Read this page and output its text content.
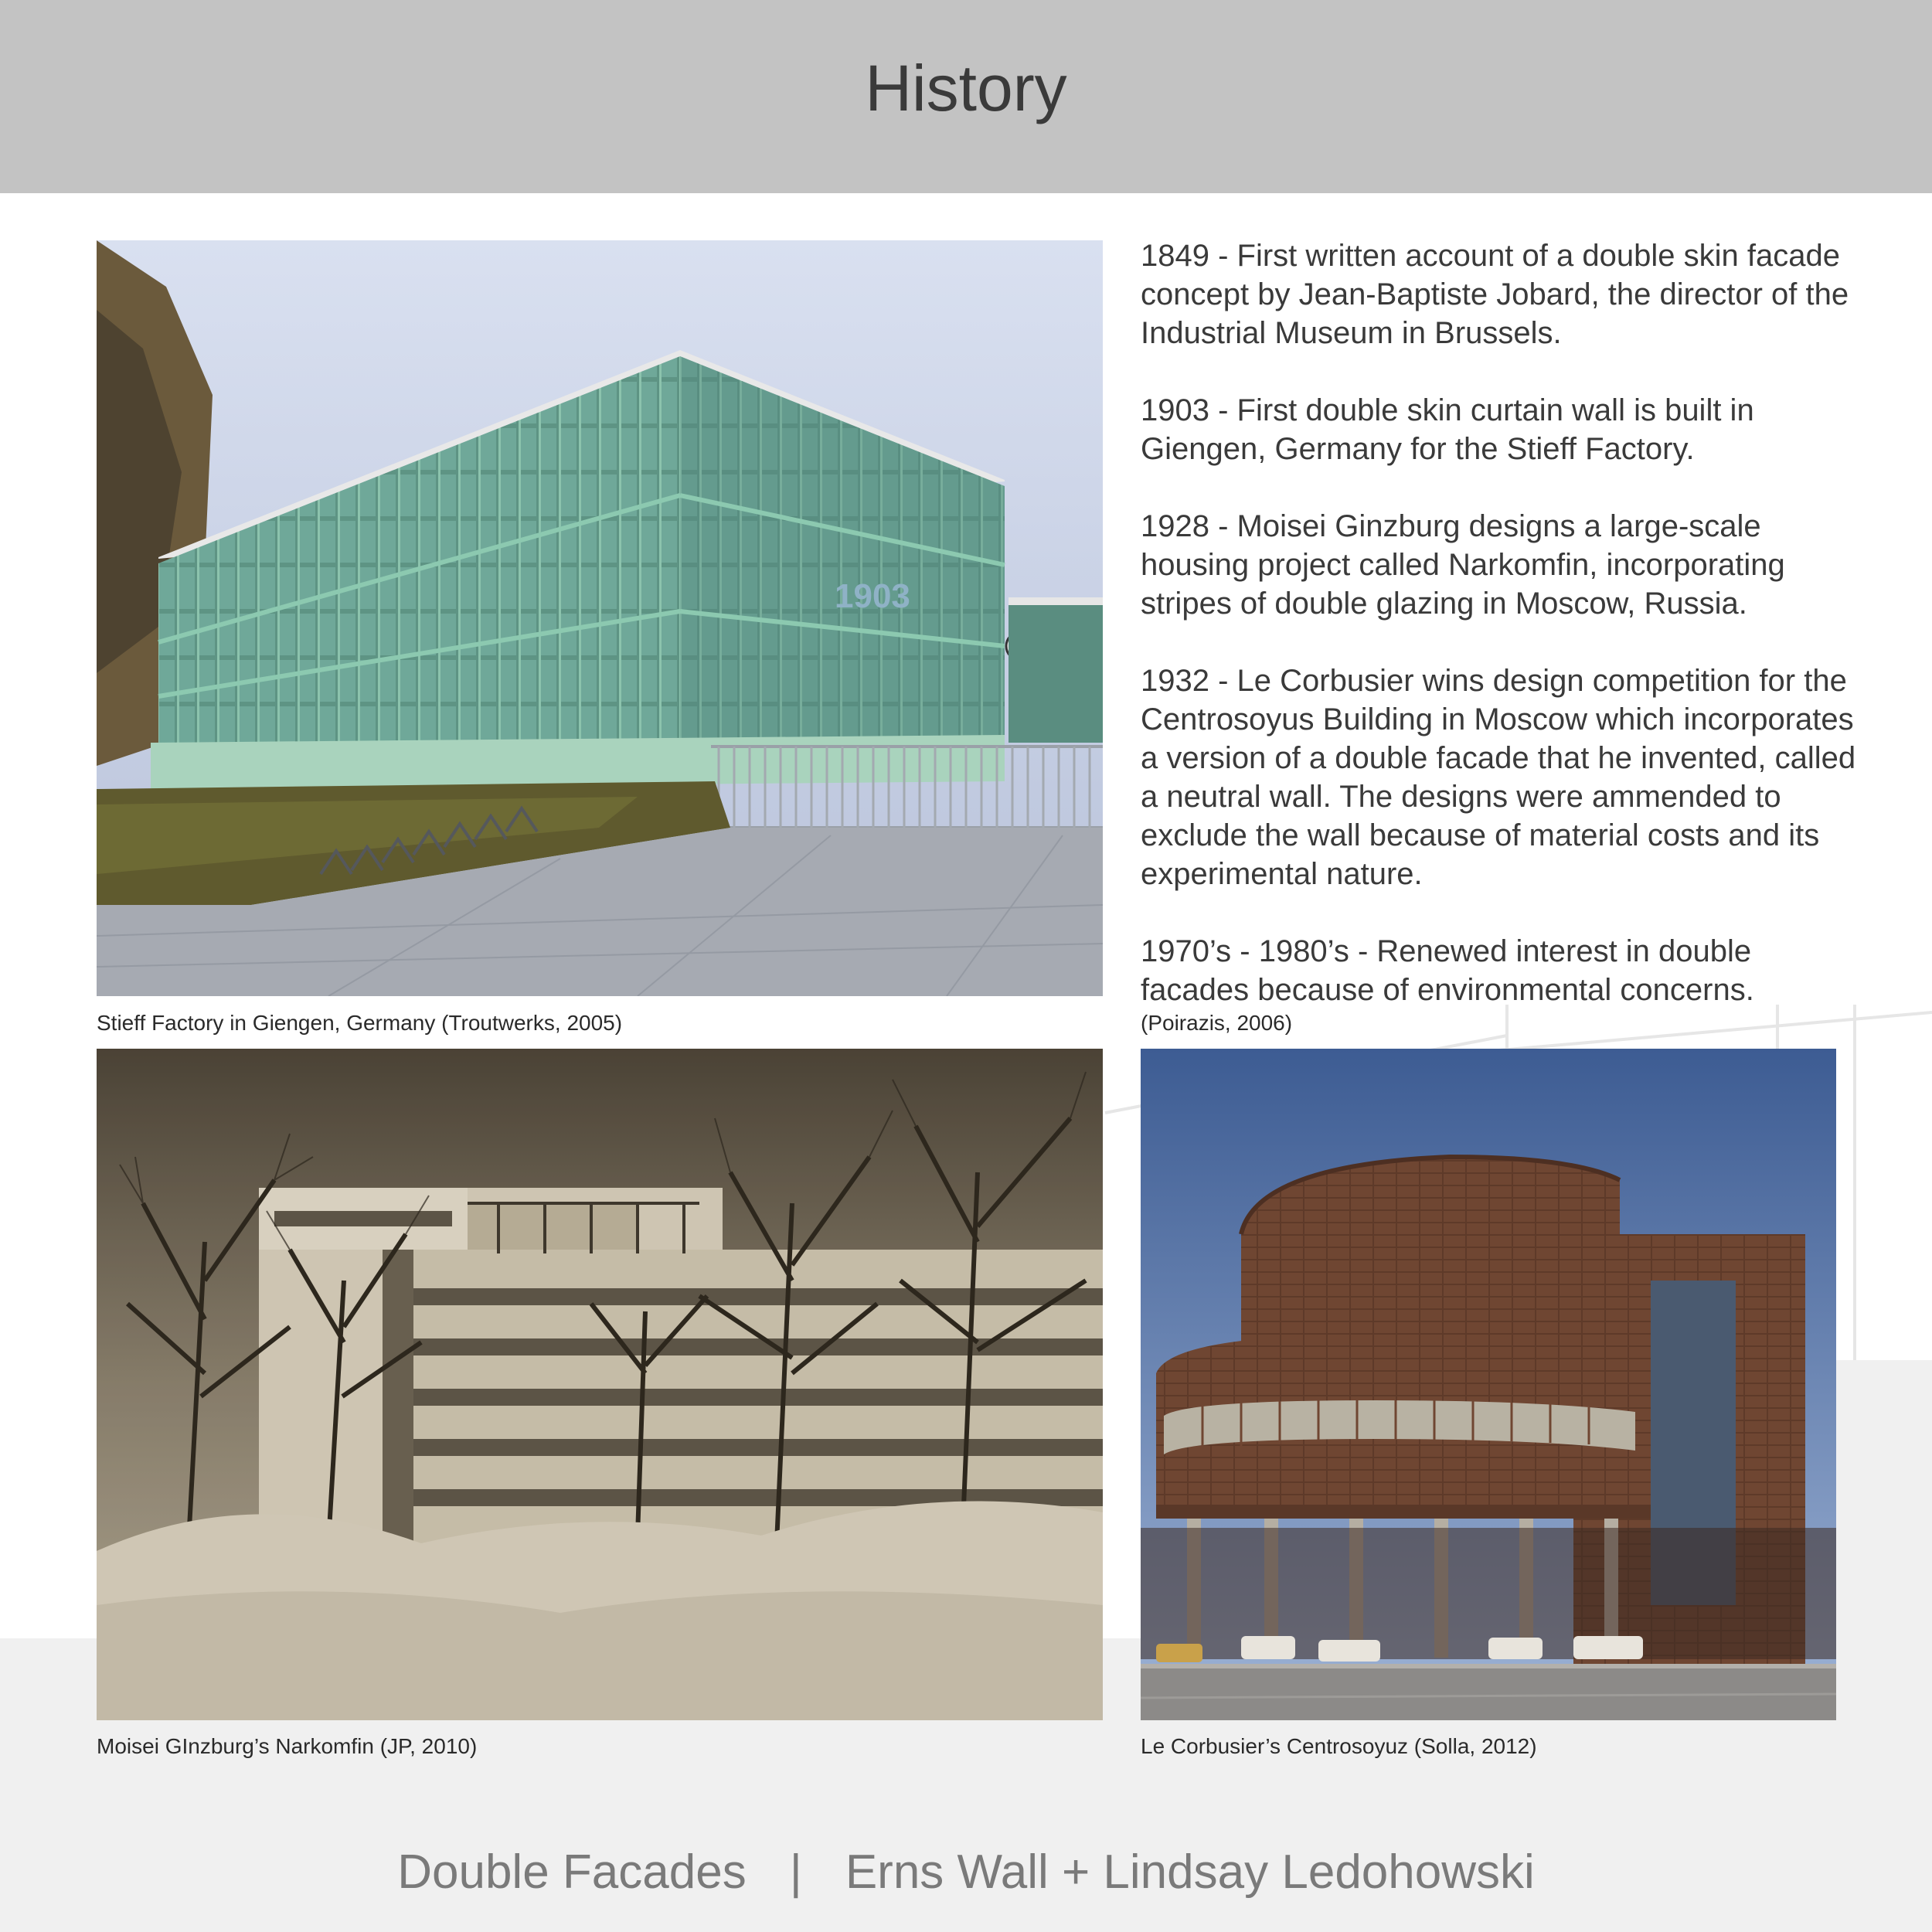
History
1903
Stieff Factory in Giengen, Germany (Troutwerks, 2005)

1849 - First written account of a double skin facade concept by Jean-Baptiste Jobard, the director of the Industrial Museum in Brussels.

1903 - First double skin curtain wall is built in Giengen, Germany for the Stieff Factory.

1928 - Moisei Ginzburg designs a large-scale housing project called Narkomfin, incorporating stripes of double glazing in Moscow, Russia.

1932 - Le Corbusier wins design competition for the Centrosoyus Building in Moscow which incorporates a version of a double facade that he invented, called a neutral wall. The designs were ammended to exclude the wall because of material costs and its experimental nature.

1970’s - 1980’s - Renewed interest in double facades because of environmental concerns.

(Poirazis, 2006)
Moisei GInzburg’s Narkomfin (JP, 2010)	Le Corbusier’s Centrosoyuz (Solla, 2012)
Double Facades | Erns Wall + Lindsay Ledohowski
